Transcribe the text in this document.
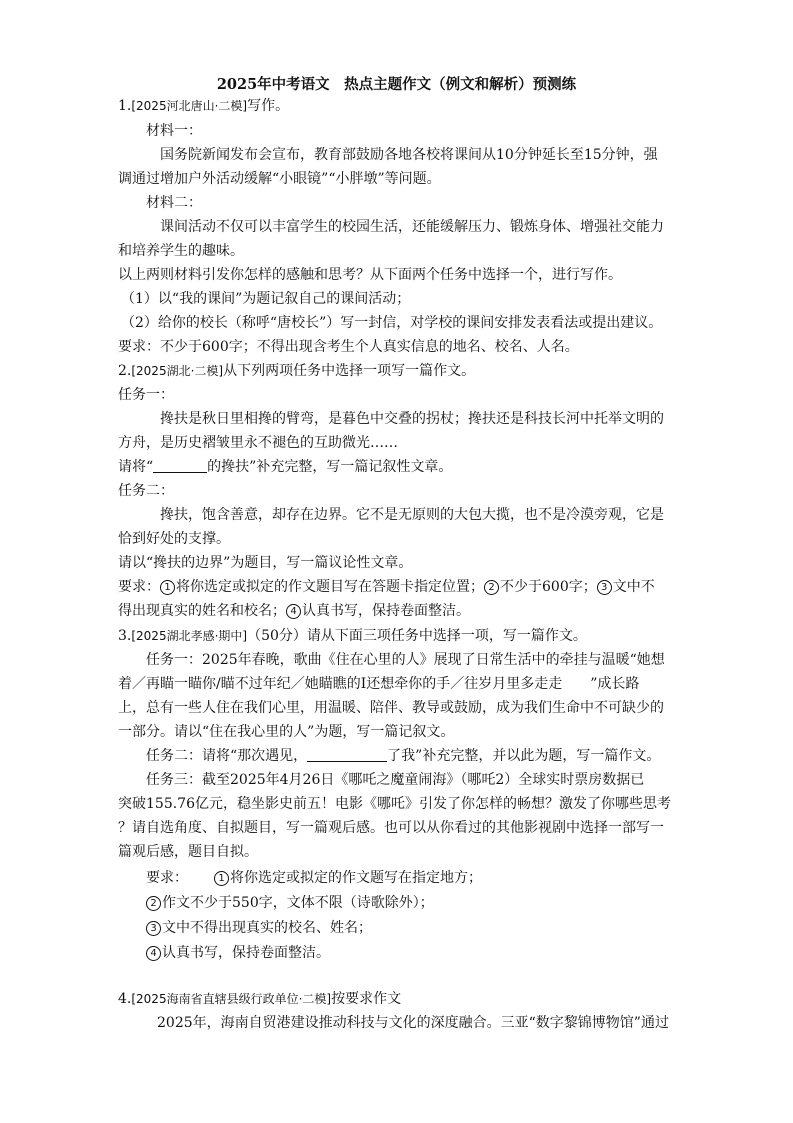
2025年中考语文　热点主题作文（例文和解析）预测练
1.[2025河北唐山·二模]写作。
材料一：
国务院新闻发布会宣布，教育部鼓励各地各校将课间从10分钟延长至15分钟，强
调通过增加户外活动缓解“小眼镜”“小胖墩”等问题。
材料二：
课间活动不仅可以丰富学生的校园生活，还能缓解压力、锻炼身体、增强社交能力
和培养学生的趣味。
以上两则材料引发你怎样的感触和思考？从下面两个任务中选择一个，进行写作。
（1）以“我的课间”为题记叙自己的课间活动；
（2）给你的校长（称呼“唐校长”）写一封信，对学校的课间安排发表看法或提出建议。
要求：不少于600字；不得出现含考生个人真实信息的地名、校名、人名。
2.[2025湖北·二模]从下列两项任务中选择一项写一篇作文。
任务一：
搀扶是秋日里相搀的臂弯，是暮色中交叠的拐杖；搀扶还是科技长河中托举文明的
方舟，是历史褶皱里永不褪色的互助微光……
请将“	的搀扶”补充完整，写一篇记叙性文章。
任务二：
搀扶，饱含善意，却存在边界。它不是无原则的大包大揽，也不是冷漠旁观，它是
恰到好处的支撑。
请以“搀扶的边界”为题目，写一篇议论性文章。
要求： 1 将你选定或拟定的作文题目写在答题卡指定位置； 2 不少于600字； 3 文中不
得出现真实的姓名和校名； 4 认真书写，保持卷面整洁。
3.[2025湖北孝感·期中]（50分）请从下面三项任务中选择一项，写一篇作文。
任务一：2025年春晚，歌曲《住在心里的人》展现了日常生活中的牵挂与温暖“她想
着／再瞄一瞄你/瞄不过年纪／她瞄瞧的I还想牵你的手／往岁月里多走走　　”成长路
上，总有一些人住在我们心里，用温暖、陪伴、教导或鼓励，成为我们生命中不可缺少的
一部分。请以“住在我心里的人”为题，写一篇记叙文。
任务二：请将“那次遇见，	了我”补充完整，并以此为题，写一篇作文。
任务三：截至2025年4月26日《哪吒之魔童闹海》（哪吒2）全球实时票房数据已
突破155.76亿元，稳坐影史前五！电影《哪吒》引发了你怎样的畅想？激发了你哪些思考
？请自选角度、自拟题目，写一篇观后感。也可以从你看过的其他影视剧中选择一部写一
篇观后感，题目自拟。
要求：	1 将你选定或拟定的作文题写在指定地方；
2 作文不少于550字，文体不限（诗歌除外）；
3 文中不得出现真实的校名、姓名；
4 认真书写，保持卷面整洁。
4.[2025海南省直辖县级行政单位·二模]按要求作文
2025年，海南自贸港建设推动科技与文化的深度融合。三亚“数字黎锦博物馆”通过
